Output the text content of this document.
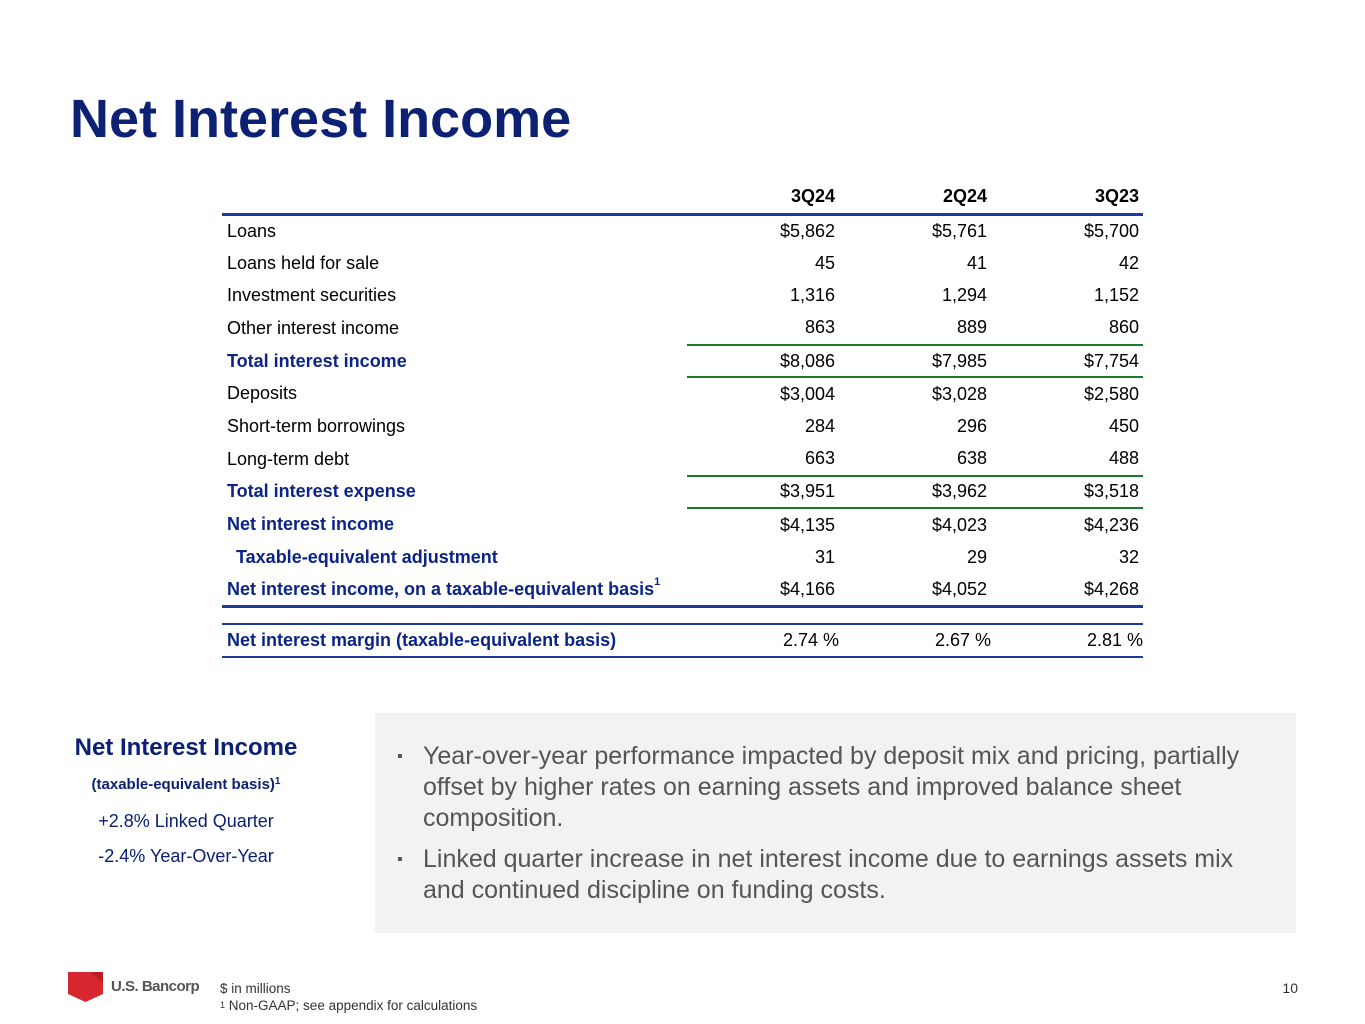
Net Interest Income
	3Q24	2Q24	3Q23
Loans	$5,862	$5,761	$5,700
Loans held for sale	45	41	42
Investment securities	1,316	1,294	1,152
Other interest income	863	889	860
Total interest income	$8,086	$7,985	$7,754
Deposits	$3,004	$3,028	$2,580
Short-term borrowings	284	296	450
Long-term debt	663	638	488
Total interest expense	$3,951	$3,962	$3,518
Net interest income	$4,135	$4,023	$4,236
Taxable-equivalent adjustment	31	29	32
Net interest income, on a taxable-equivalent basis$^1$	$4,166	$4,052	$4,268

Net interest margin (taxable-equivalent basis)	2.74 %	2.67 %	2.81 %
Net Interest Income
(taxable-equivalent basis)$^1$
+2.8% Linked Quarter
-2.4% Year-Over-Year
▪ Year-over-year performance impacted by deposit mix and pricing, partially offset by higher rates on earning assets and improved balance sheet composition.
▪ Linked quarter increase in net interest income due to earnings assets mix and continued discipline on funding costs.
U.S. Bancorp $ in millions
$^1$ Non-GAAP; see appendix for calculations
10
